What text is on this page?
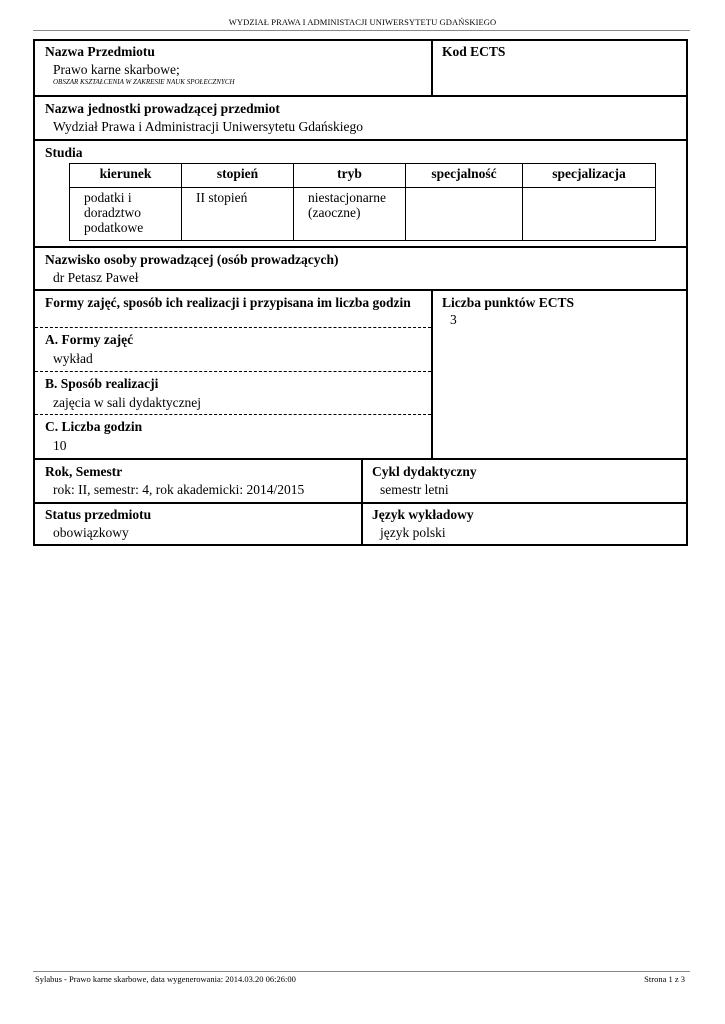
WYDZIAŁ PRAWA I ADMINISTACJI UNIWERSYTETU GDAŃSKIEGO
Nazwa Przedmiotu
Prawo karne skarbowe;
OBSZAR KSZTAŁCENIA W ZAKRESIE NAUK SPOŁECZNYCH
Kod ECTS
Nazwa jednostki prowadzącej przedmiot
Wydział Prawa i Administracji Uniwersytetu Gdańskiego
Studia
kierunek	stopień	tryb	specjalność	specjalizacja
podatki i doradztwo podatkowe	II stopień	niestacjonarne (zaoczne)		
Nazwisko osoby prowadzącej (osób prowadzących)
dr Petasz Paweł
Formy zajęć, sposób ich realizacji i przypisana im liczba godzin
A. Formy zajęć
wykład
B. Sposób realizacji
zajęcia w sali dydaktycznej
C. Liczba godzin
10
Liczba punktów ECTS
3
Rok, Semestr
rok: II, semestr: 4, rok akademicki: 2014/2015
Cykl dydaktyczny
semestr letni
Status przedmiotu
obowiązkowy
Język wykładowy
język polski
Sylabus - Prawo karne skarbowe, data wygenerowania: 2014.03.20 06:26:00	Strona 1 z 3
